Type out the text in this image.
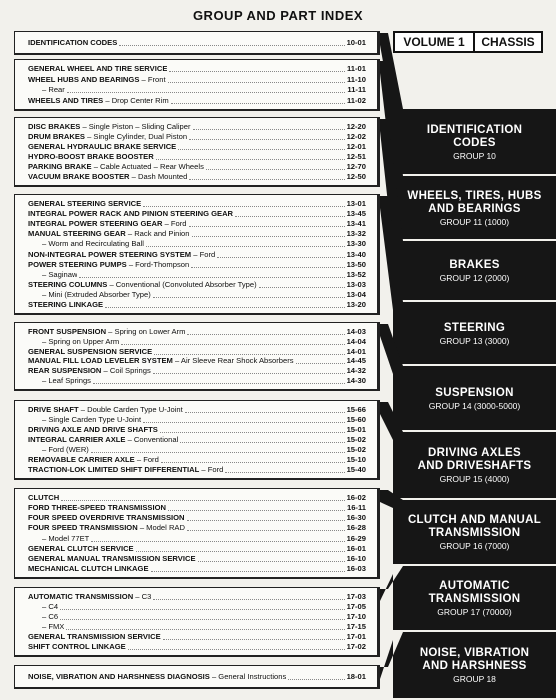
GROUP AND PART INDEX
VOLUME 1	CHASSIS
IDENTIFICATION CODES	10-01
GENERAL WHEEL AND TIRE SERVICE	11-01
WHEEL HUBS AND BEARINGS – Front	11-10
– Rear	11-11
WHEELS AND TIRES – Drop Center Rim	11-02
DISC BRAKES – Single Piston – Sliding Caliper	12-20
DRUM BRAKES – Single Cylinder, Dual Piston	12-02
GENERAL HYDRAULIC BRAKE SERVICE	12-01
HYDRO-BOOST BRAKE BOOSTER	12-51
PARKING BRAKE – Cable Actuated – Rear Wheels	12-70
VACUUM BRAKE BOOSTER – Dash Mounted	12-50
GENERAL STEERING SERVICE	13-01
INTEGRAL POWER RACK AND PINION STEERING GEAR	13-45
INTEGRAL POWER STEERING GEAR – Ford	13-41
MANUAL STEERING GEAR – Rack and Pinion	13-32
– Worm and Recirculating Ball	13-30
NON-INTEGRAL POWER STEERING SYSTEM – Ford	13-40
POWER STEERING PUMPS – Ford-Thompson	13-50
– Saginaw	13-52
STEERING COLUMNS – Conventional (Convoluted Absorber Type)	13-03
– Mini (Extruded Absorber Type)	13-04
STEERING LINKAGE	13-20
FRONT SUSPENSION – Spring on Lower Arm	14-03
– Spring on Upper Arm	14-04
GENERAL SUSPENSION SERVICE	14-01
MANUAL FILL LOAD LEVELER SYSTEM – Air Sleeve Rear Shock Absorbers	14-45
REAR SUSPENSION – Coil Springs	14-32
– Leaf Springs	14-30
DRIVE SHAFT – Double Carden Type U-Joint	15-66
– Single Carden Type U-Joint	15-60
DRIVING AXLE AND DRIVE SHAFTS	15-01
INTEGRAL CARRIER AXLE – Conventional	15-02
– Ford (WER)	15-02
REMOVABLE CARRIER AXLE – Ford	15-10
TRACTION-LOK LIMITED SHIFT DIFFERENTIAL – Ford	15-40
CLUTCH	16-02
FORD THREE-SPEED TRANSMISSION	16-11
FOUR SPEED OVERDRIVE TRANSMISSION	16-30
FOUR SPEED TRANSMISSION – Model RAD	16-28
– Model 77ET	16-29
GENERAL CLUTCH SERVICE	16-01
GENERAL MANUAL TRANSMISSION SERVICE	16-10
MECHANICAL CLUTCH LINKAGE	16-03
AUTOMATIC TRANSMISSION – C3	17-03
– C4	17-05
– C6	17-10
– FMX	17-15
GENERAL TRANSMISSION SERVICE	17-01
SHIFT CONTROL LINKAGE	17-02
NOISE, VIBRATION AND HARSHNESS DIAGNOSIS – General Instructions	18-01
IDENTIFICATION
CODES
GROUP 10
WHEELS, TIRES, HUBS
AND BEARINGS
GROUP 11 (1000)
BRAKES
GROUP 12 (2000)
STEERING
GROUP 13 (3000)
SUSPENSION
GROUP 14 (3000-5000)
DRIVING AXLES
AND DRIVESHAFTS
GROUP 15 (4000)
CLUTCH AND MANUAL
TRANSMISSION
GROUP 16 (7000)
AUTOMATIC
TRANSMISSION
GROUP 17 (70000)
NOISE, VIBRATION
AND HARSHNESS
GROUP 18
